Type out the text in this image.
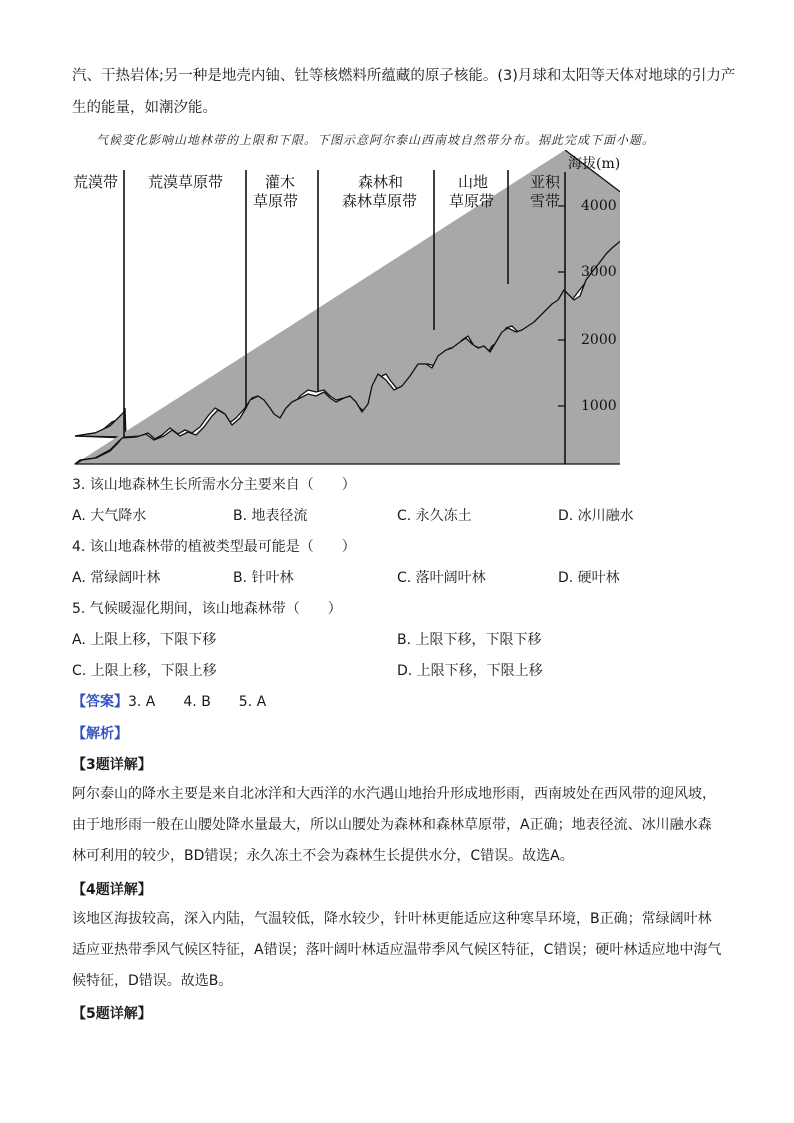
汽、干热岩体;另一种是地壳内铀、钍等核燃料所蕴藏的原子核能。(3)月球和太阳等天体对地球的引力产
生的能量，如潮汐能。
气候变化影响山地林带的上限和下限。下图示意阿尔泰山西南坡自然带分布。据此完成下面小题。
海拔(m)
4000
3000
2000
1000
荒漠带 荒漠草原带	灌木
草原带
森林和
森林草原带
山地
草原带
亚积
雪带
3. 该山地森林生长所需水分主要来自（　　）
A. 大气降水	B. 地表径流	C. 永久冻土	D. 冰川融水
4. 该山地森林带的植被类型最可能是（　　）
A. 常绿阔叶林	B. 针叶林	C. 落叶阔叶林	D. 硬叶林
5. 气候暖湿化期间，该山地森林带（　　）
A. 上限上移，下限下移	B. 上限下移，下限下移
C. 上限上移，下限上移	D. 上限下移，下限上移
【答案】3. A　　4. B　　5. A
【解析】
【3题详解】
阿尔泰山的降水主要是来自北冰洋和大西洋的水汽遇山地抬升形成地形雨，西南坡处在西风带的迎风坡，由于地形雨一般在山腰处降水量最大，所以山腰处为森林和森林草原带，A正确；地表径流、冰川融水森林可利用的较少，BD错误；永久冻土不会为森林生长提供水分，C错误。故选A。
【4题详解】
该地区海拔较高，深入内陆，气温较低，降水较少，针叶林更能适应这种寒旱环境，B正确；常绿阔叶林适应亚热带季风气候区特征，A错误；落叶阔叶林适应温带季风气候区特征，C错误；硬叶林适应地中海气候特征，D错误。故选B。
【5题详解】
